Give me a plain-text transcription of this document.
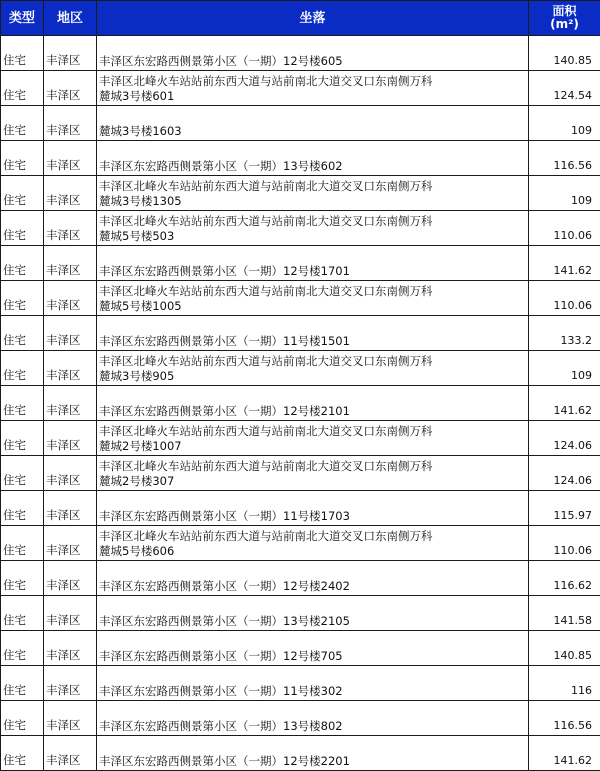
类型	地区	坐落	面积
(m²)
住宅	丰泽区	丰泽区东宏路西侧景第小区（一期）12号楼605	140.85
住宅	丰泽区	丰泽区北峰火车站站前东西大道与站前南北大道交叉口东南侧万科
麓城3号楼601	124.54
住宅	丰泽区	麓城3号楼1603	109
住宅	丰泽区	丰泽区东宏路西侧景第小区（一期）13号楼602	116.56
住宅	丰泽区	丰泽区北峰火车站站前东西大道与站前南北大道交叉口东南侧万科
麓城3号楼1305	109
住宅	丰泽区	丰泽区北峰火车站站前东西大道与站前南北大道交叉口东南侧万科
麓城5号楼503	110.06
住宅	丰泽区	丰泽区东宏路西侧景第小区（一期）12号楼1701	141.62
住宅	丰泽区	丰泽区北峰火车站站前东西大道与站前南北大道交叉口东南侧万科
麓城5号楼1005	110.06
住宅	丰泽区	丰泽区东宏路西侧景第小区（一期）11号楼1501	133.2
住宅	丰泽区	丰泽区北峰火车站站前东西大道与站前南北大道交叉口东南侧万科
麓城3号楼905	109
住宅	丰泽区	丰泽区东宏路西侧景第小区（一期）12号楼2101	141.62
住宅	丰泽区	丰泽区北峰火车站站前东西大道与站前南北大道交叉口东南侧万科
麓城2号楼1007	124.06
住宅	丰泽区	丰泽区北峰火车站站前东西大道与站前南北大道交叉口东南侧万科
麓城2号楼307	124.06
住宅	丰泽区	丰泽区东宏路西侧景第小区（一期）11号楼1703	115.97
住宅	丰泽区	丰泽区北峰火车站站前东西大道与站前南北大道交叉口东南侧万科
麓城5号楼606	110.06
住宅	丰泽区	丰泽区东宏路西侧景第小区（一期）12号楼2402	116.62
住宅	丰泽区	丰泽区东宏路西侧景第小区（一期）13号楼2105	141.58
住宅	丰泽区	丰泽区东宏路西侧景第小区（一期）12号楼705	140.85
住宅	丰泽区	丰泽区东宏路西侧景第小区（一期）11号楼302	116
住宅	丰泽区	丰泽区东宏路西侧景第小区（一期）13号楼802	116.56
住宅	丰泽区	丰泽区东宏路西侧景第小区（一期）12号楼2201	141.62
